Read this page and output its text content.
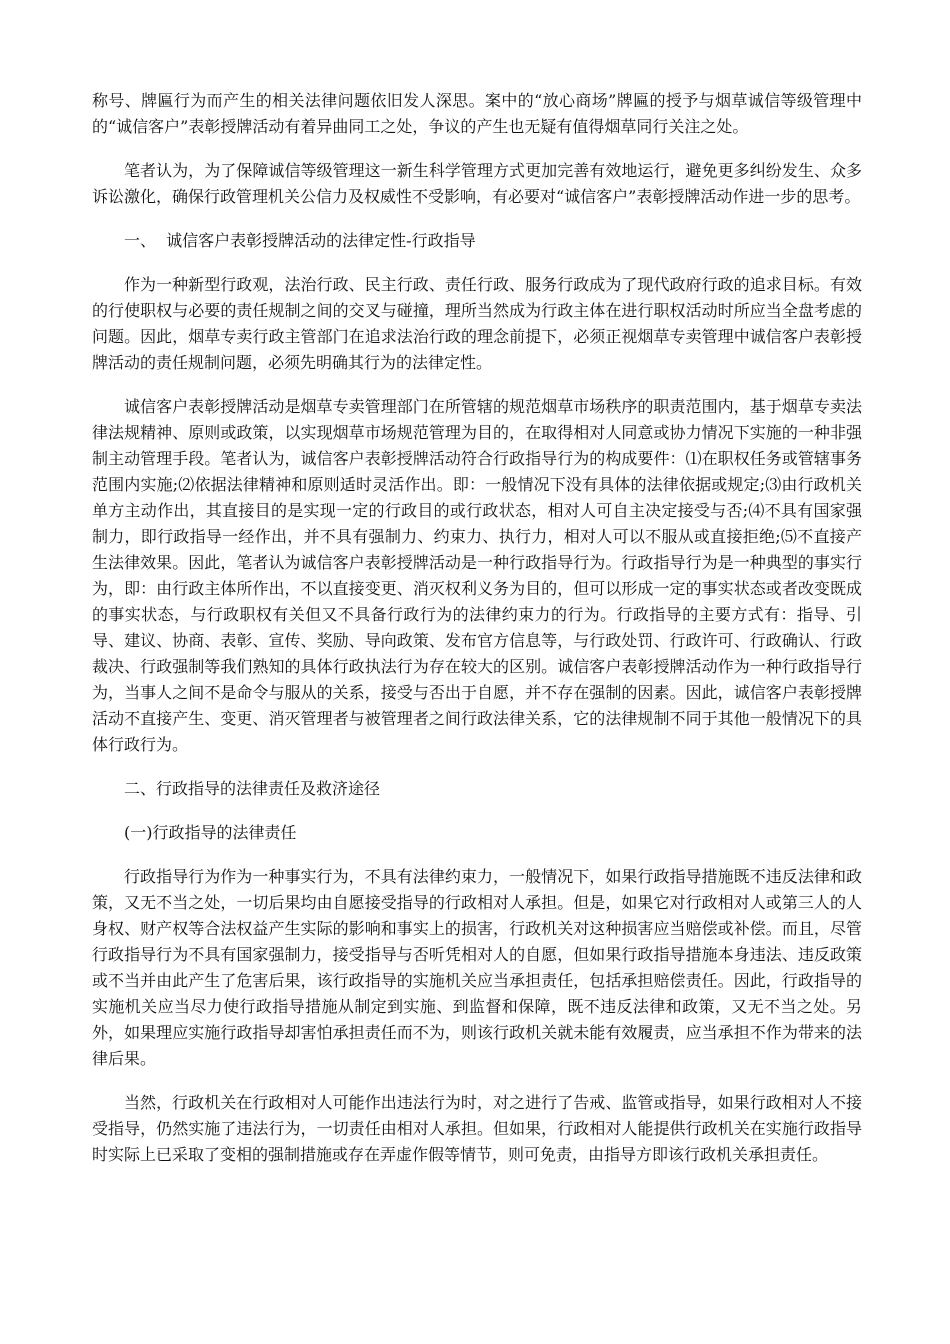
称号、牌匾行为而产生的相关法律问题依旧发人深思。案中的“放心商场”牌匾的授予与烟草诚信等级管理中的“诚信客户”表彰授牌活动有着异曲同工之处，争议的产生也无疑有值得烟草同行关注之处。

笔者认为，为了保障诚信等级管理这一新生科学管理方式更加完善有效地运行，避免更多纠纷发生、众多诉讼激化，确保行政管理机关公信力及权威性不受影响，有必要对“诚信客户”表彰授牌活动作进一步的思考。

一、  诚信客户表彰授牌活动的法律定性-行政指导

作为一种新型行政观，法治行政、民主行政、责任行政、服务行政成为了现代政府行政的追求目标。有效的行使职权与必要的责任规制之间的交叉与碰撞，理所当然成为行政主体在进行职权活动时所应当全盘考虑的问题。因此，烟草专卖行政主管部门在追求法治行政的理念前提下，必须正视烟草专卖管理中诚信客户表彰授牌活动的责任规制问题，必须先明确其行为的法律定性。

诚信客户表彰授牌活动是烟草专卖管理部门在所管辖的规范烟草市场秩序的职责范围内，基于烟草专卖法律法规精神、原则或政策，以实现烟草市场规范管理为目的，在取得相对人同意或协力情况下实施的一种非强制主动管理手段。笔者认为，诚信客户表彰授牌活动符合行政指导行为的构成要件：⑴在职权任务或管辖事务范围内实施;⑵依据法律精神和原则适时灵活作出。即：一般情况下没有具体的法律依据或规定;⑶由行政机关单方主动作出，其直接目的是实现一定的行政目的或行政状态，相对人可自主决定接受与否;⑷不具有国家强制力，即行政指导一经作出，并不具有强制力、约束力、执行力，相对人可以不服从或直接拒绝;⑸不直接产生法律效果。因此，笔者认为诚信客户表彰授牌活动是一种行政指导行为。行政指导行为是一种典型的事实行为，即：由行政主体所作出，不以直接变更、消灭权利义务为目的，但可以形成一定的事实状态或者改变既成的事实状态，与行政职权有关但又不具备行政行为的法律约束力的行为。行政指导的主要方式有：指导、引导、建议、协商、表彰、宣传、奖励、导向政策、发布官方信息等，与行政处罚、行政许可、行政确认、行政裁决、行政强制等我们熟知的具体行政执法行为存在较大的区别。诚信客户表彰授牌活动作为一种行政指导行为，当事人之间不是命令与服从的关系，接受与否出于自愿，并不存在强制的因素。因此，诚信客户表彰授牌活动不直接产生、变更、消灭管理者与被管理者之间行政法律关系，它的法律规制不同于其他一般情况下的具体行政行为。

二、行政指导的法律责任及救济途径
(一)行政指导的法律责任

行政指导行为作为一种事实行为，不具有法律约束力，一般情况下，如果行政指导措施既不违反法律和政策，又无不当之处，一切后果均由自愿接受指导的行政相对人承担。但是，如果它对行政相对人或第三人的人身权、财产权等合法权益产生实际的影响和事实上的损害，行政机关对这种损害应当赔偿或补偿。而且，尽管行政指导行为不具有国家强制力，接受指导与否听凭相对人的自愿，但如果行政指导措施本身违法、违反政策或不当并由此产生了危害后果，该行政指导的实施机关应当承担责任，包括承担赔偿责任。因此，行政指导的实施机关应当尽力使行政指导措施从制定到实施、到监督和保障，既不违反法律和政策，又无不当之处。另外，如果理应实施行政指导却害怕承担责任而不为，则该行政机关就未能有效履责，应当承担不作为带来的法律后果。

当然，行政机关在行政相对人可能作出违法行为时，对之进行了告戒、监管或指导，如果行政相对人不接受指导，仍然实施了违法行为，一切责任由相对人承担。但如果，行政相对人能提供行政机关在实施行政指导时实际上已采取了变相的强制措施或存在弄虚作假等情节，则可免责，由指导方即该行政机关承担责任。
